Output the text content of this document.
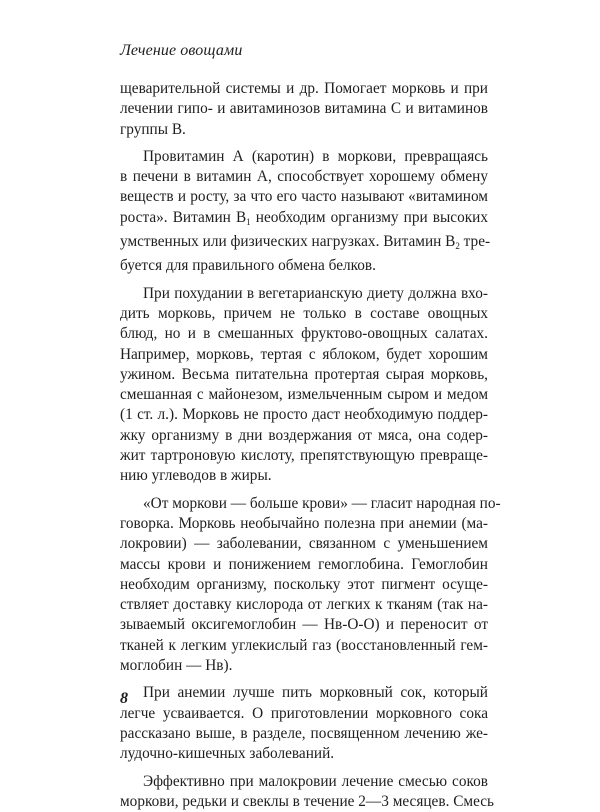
Лечение овощами
щеварительной системы и др. Помогает морковь и при
лечении гипо- и авитаминозов витамина С и витаминов
группы В.
Провитамин А (каротин) в моркови, превращаясь
в печени в витамин А, способствует хорошему обмену
веществ и росту, за что его часто называют «витамином
роста». Витамин $В_1$ необходим организму при высоких
умственных или физических нагрузках. Витамин $В_2$ тре-
буется для правильного обмена белков.
При похудании в вегетарианскую диету должна вхо-
дить морковь, причем не только в составе овощных
блюд, но и в смешанных фруктово-овощных салатах.
Например, морковь, тертая с яблоком, будет хорошим
ужином. Весьма питательна протертая сырая морковь,
смешанная с майонезом, измельченным сыром и медом
(1 ст. л.). Морковь не просто даст необходимую поддер-
жку организму в дни воздержания от мяса, она содер-
жит тартроновую кислоту, препятствующую превраще-
нию углеводов в жиры.
«От моркови — больше крови» — гласит народная по-
говорка. Морковь необычайно полезна при анемии (ма-
локровии) — заболевании, связанном с уменьшением
массы крови и понижением гемоглобина. Гемоглобин
необходим организму, поскольку этот пигмент осуще-
ствляет доставку кислорода от легких к тканям (так на-
зываемый оксигемоглобин — Нв-О-О) и переносит от
тканей к легким углекислый газ (восстановленный гем-
моглобин — Нв).
При анемии лучше пить морковный сок, который
легче усваивается. О приготовлении морковного сока
рассказано выше, в разделе, посвященном лечению же-
лудочно-кишечных заболеваний.
Эффективно при малокровии лечение смесью соков
моркови, редьки и свеклы в течение 2—3 месяцев. Смесь
8
